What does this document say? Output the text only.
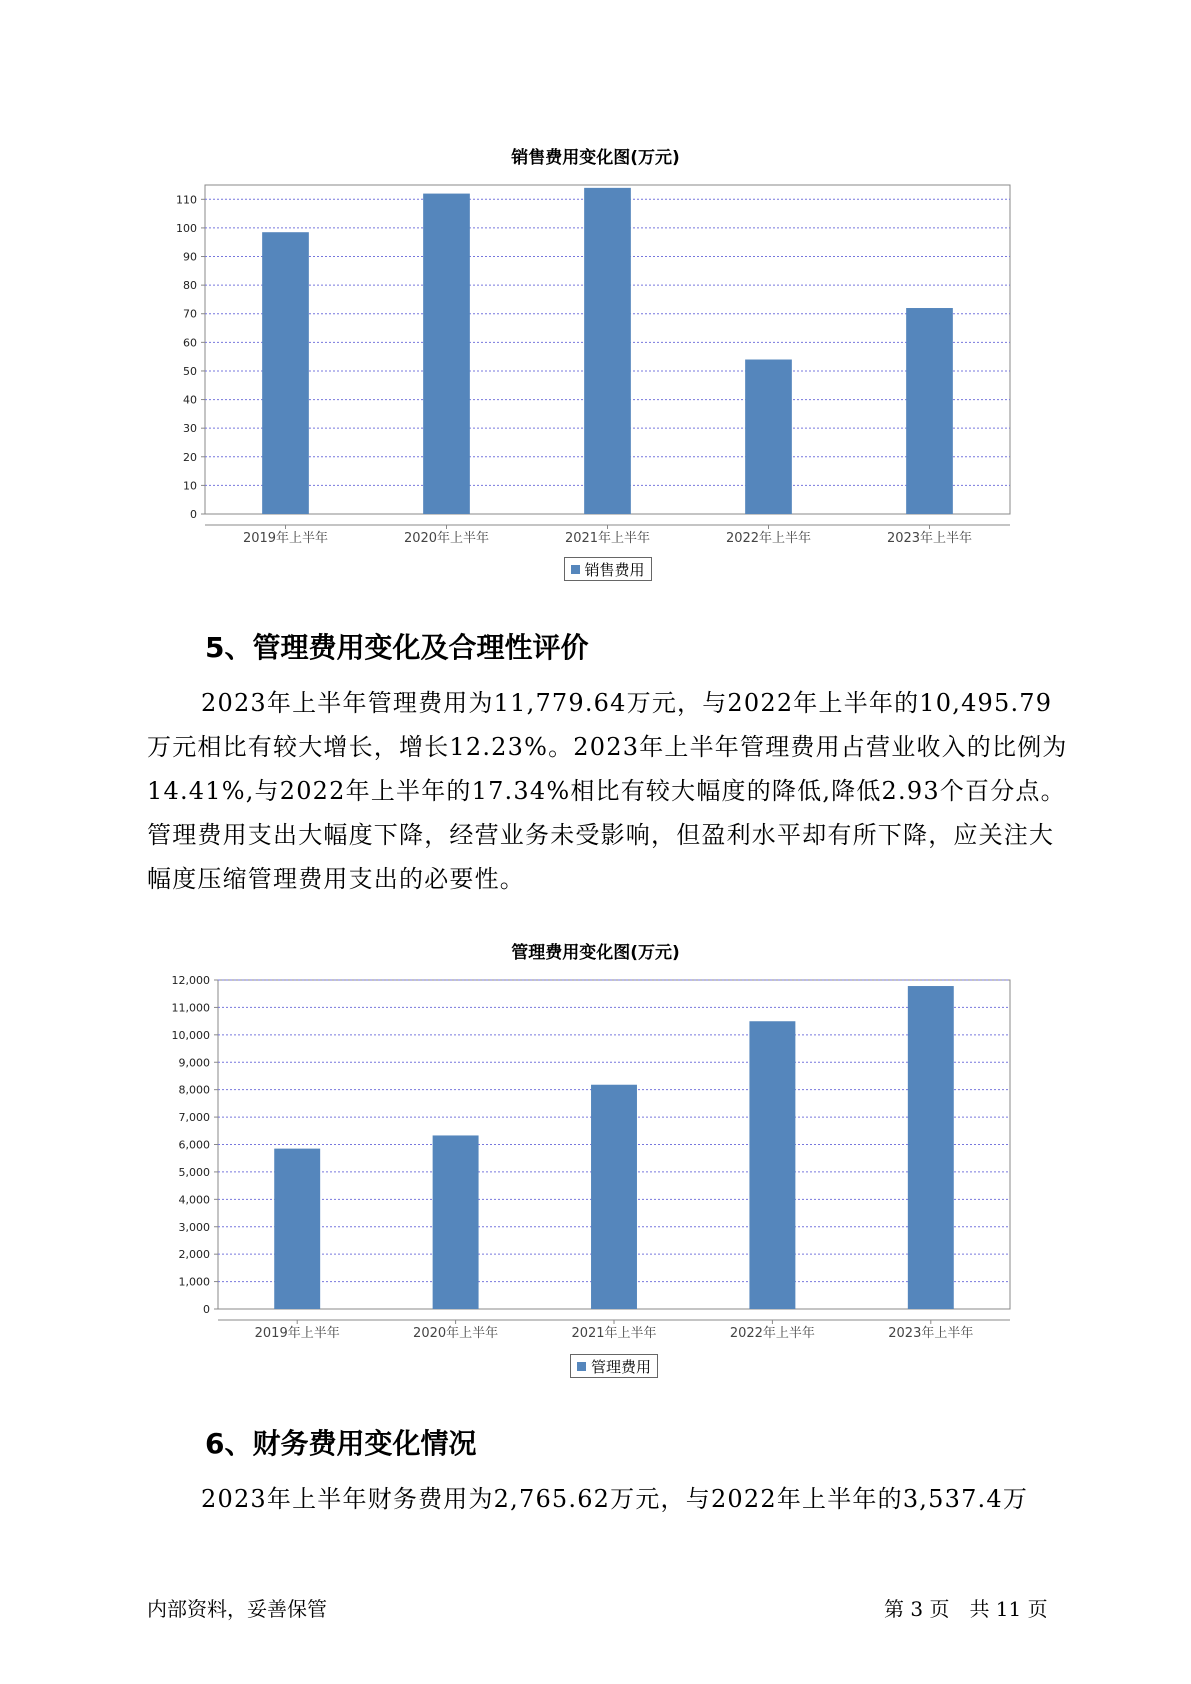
销售费用变化图(万元)
0
10
20
30
40
50
60
70
80
90
100
110
2019年上半年	2020年上半年	2021年上半年	2022年上半年	2023年上半年
销售费用
5、管理费用变化及合理性评价

2023年上半年管理费用为11,779.64万元，与2022年上半年的10,495.79万元相比有较大增长，增长12.23%。2023年上半年管理费用占营业收入的比例为14.41%,与2022年上半年的17.34%相比有较大幅度的降低,降低2.93个百分点。管理费用支出大幅度下降，经营业务未受影响，但盈利水平却有所下降，应关注大幅度压缩管理费用支出的必要性。

管理费用变化图(万元)
0
1,000
2,000
3,000
4,000
5,000
6,000
7,000
8,000
9,000
10,000
11,000
12,000
2019年上半年	2020年上半年	2021年上半年	2022年上半年	2023年上半年
管理费用
6、财务费用变化情况

2023年上半年财务费用为2,765.62万元，与2022年上半年的3,537.4万

内部资料，妥善保管	第 3 页　共 11 页
